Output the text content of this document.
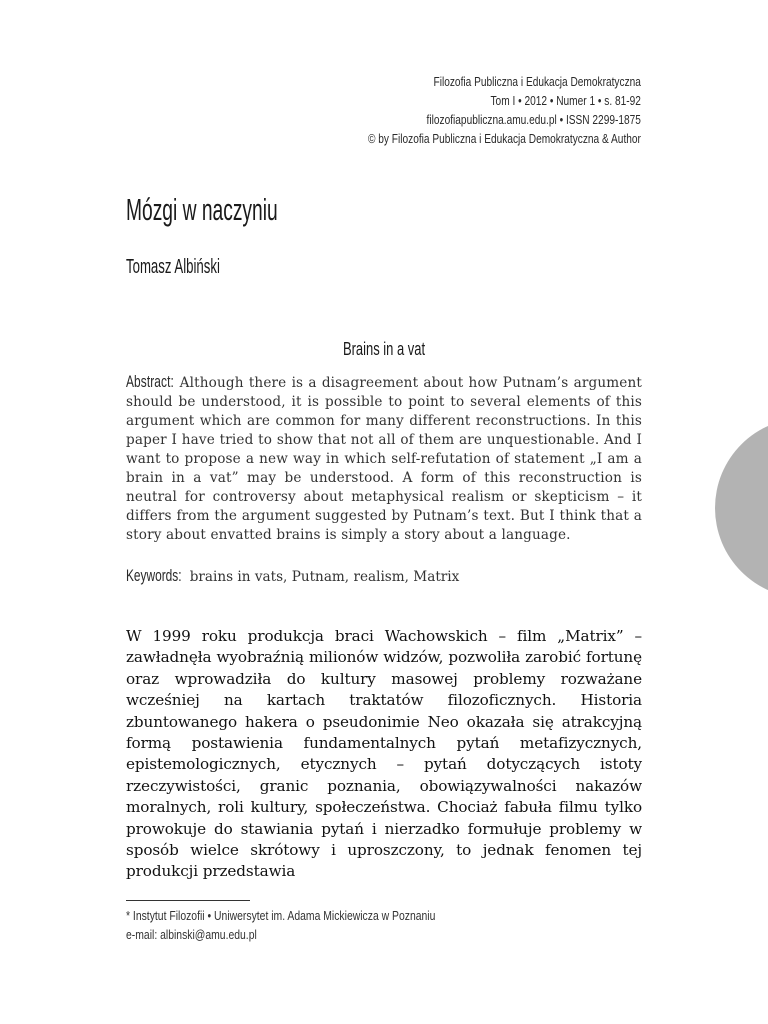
Filozofia Publiczna i Edukacja Demokratyczna
Tom I • 2012 • Numer 1 • s. 81-92
filozofiapubliczna.amu.edu.pl • ISSN 2299-1875
© by Filozofia Publiczna i Edukacja Demokratyczna & Author
Mózgi w naczyniu
Tomasz Albiński
Brains in a vat
Abstract: Although there is a disagreement about how Putnam’s argument should be understood, it is possible to point to several elements of this argument which are common for many different reconstructions. In this paper I have tried to show that not all of them are unquestionable. And I want to propose a new way in which self-refutation of statement „I am a brain in a vat” may be understood. A form of this reconstruction is neutral for controversy about metaphysical realism or skepticism – it differs from the argument suggested by Putnam’s text. But I think that a story about envatted brains is simply a story about a language.
Keywords: brains in vats, Putnam, realism, Matrix

W 1999 roku produkcja braci Wachowskich – film „Matrix” – zawładnęła wyobraźnią milionów widzów, pozwoliła zarobić fortunę oraz wprowadziła do kultury masowej problemy rozważane wcześniej na kartach traktatów filozoficznych. Historia zbuntowanego hakera o pseudonimie Neo okazała się atrakcyjną formą postawienia fundamentalnych pytań metafizycznych, epistemologicznych, etycznych – pytań dotyczących istoty rzeczywistości, granic poznania, obowiązywalności nakazów moralnych, roli kultury, społeczeństwa. Chociaż fabuła filmu tylko prowokuje do stawiania pytań i nierzadko formułuje problemy w sposób wielce skrótowy i uproszczony, to jednak fenomen tej produkcji przedstawia

* Instytut Filozofii • Uniwersytet im. Adama Mickiewicza w Poznaniu
e-mail: albinski@amu.edu.pl
